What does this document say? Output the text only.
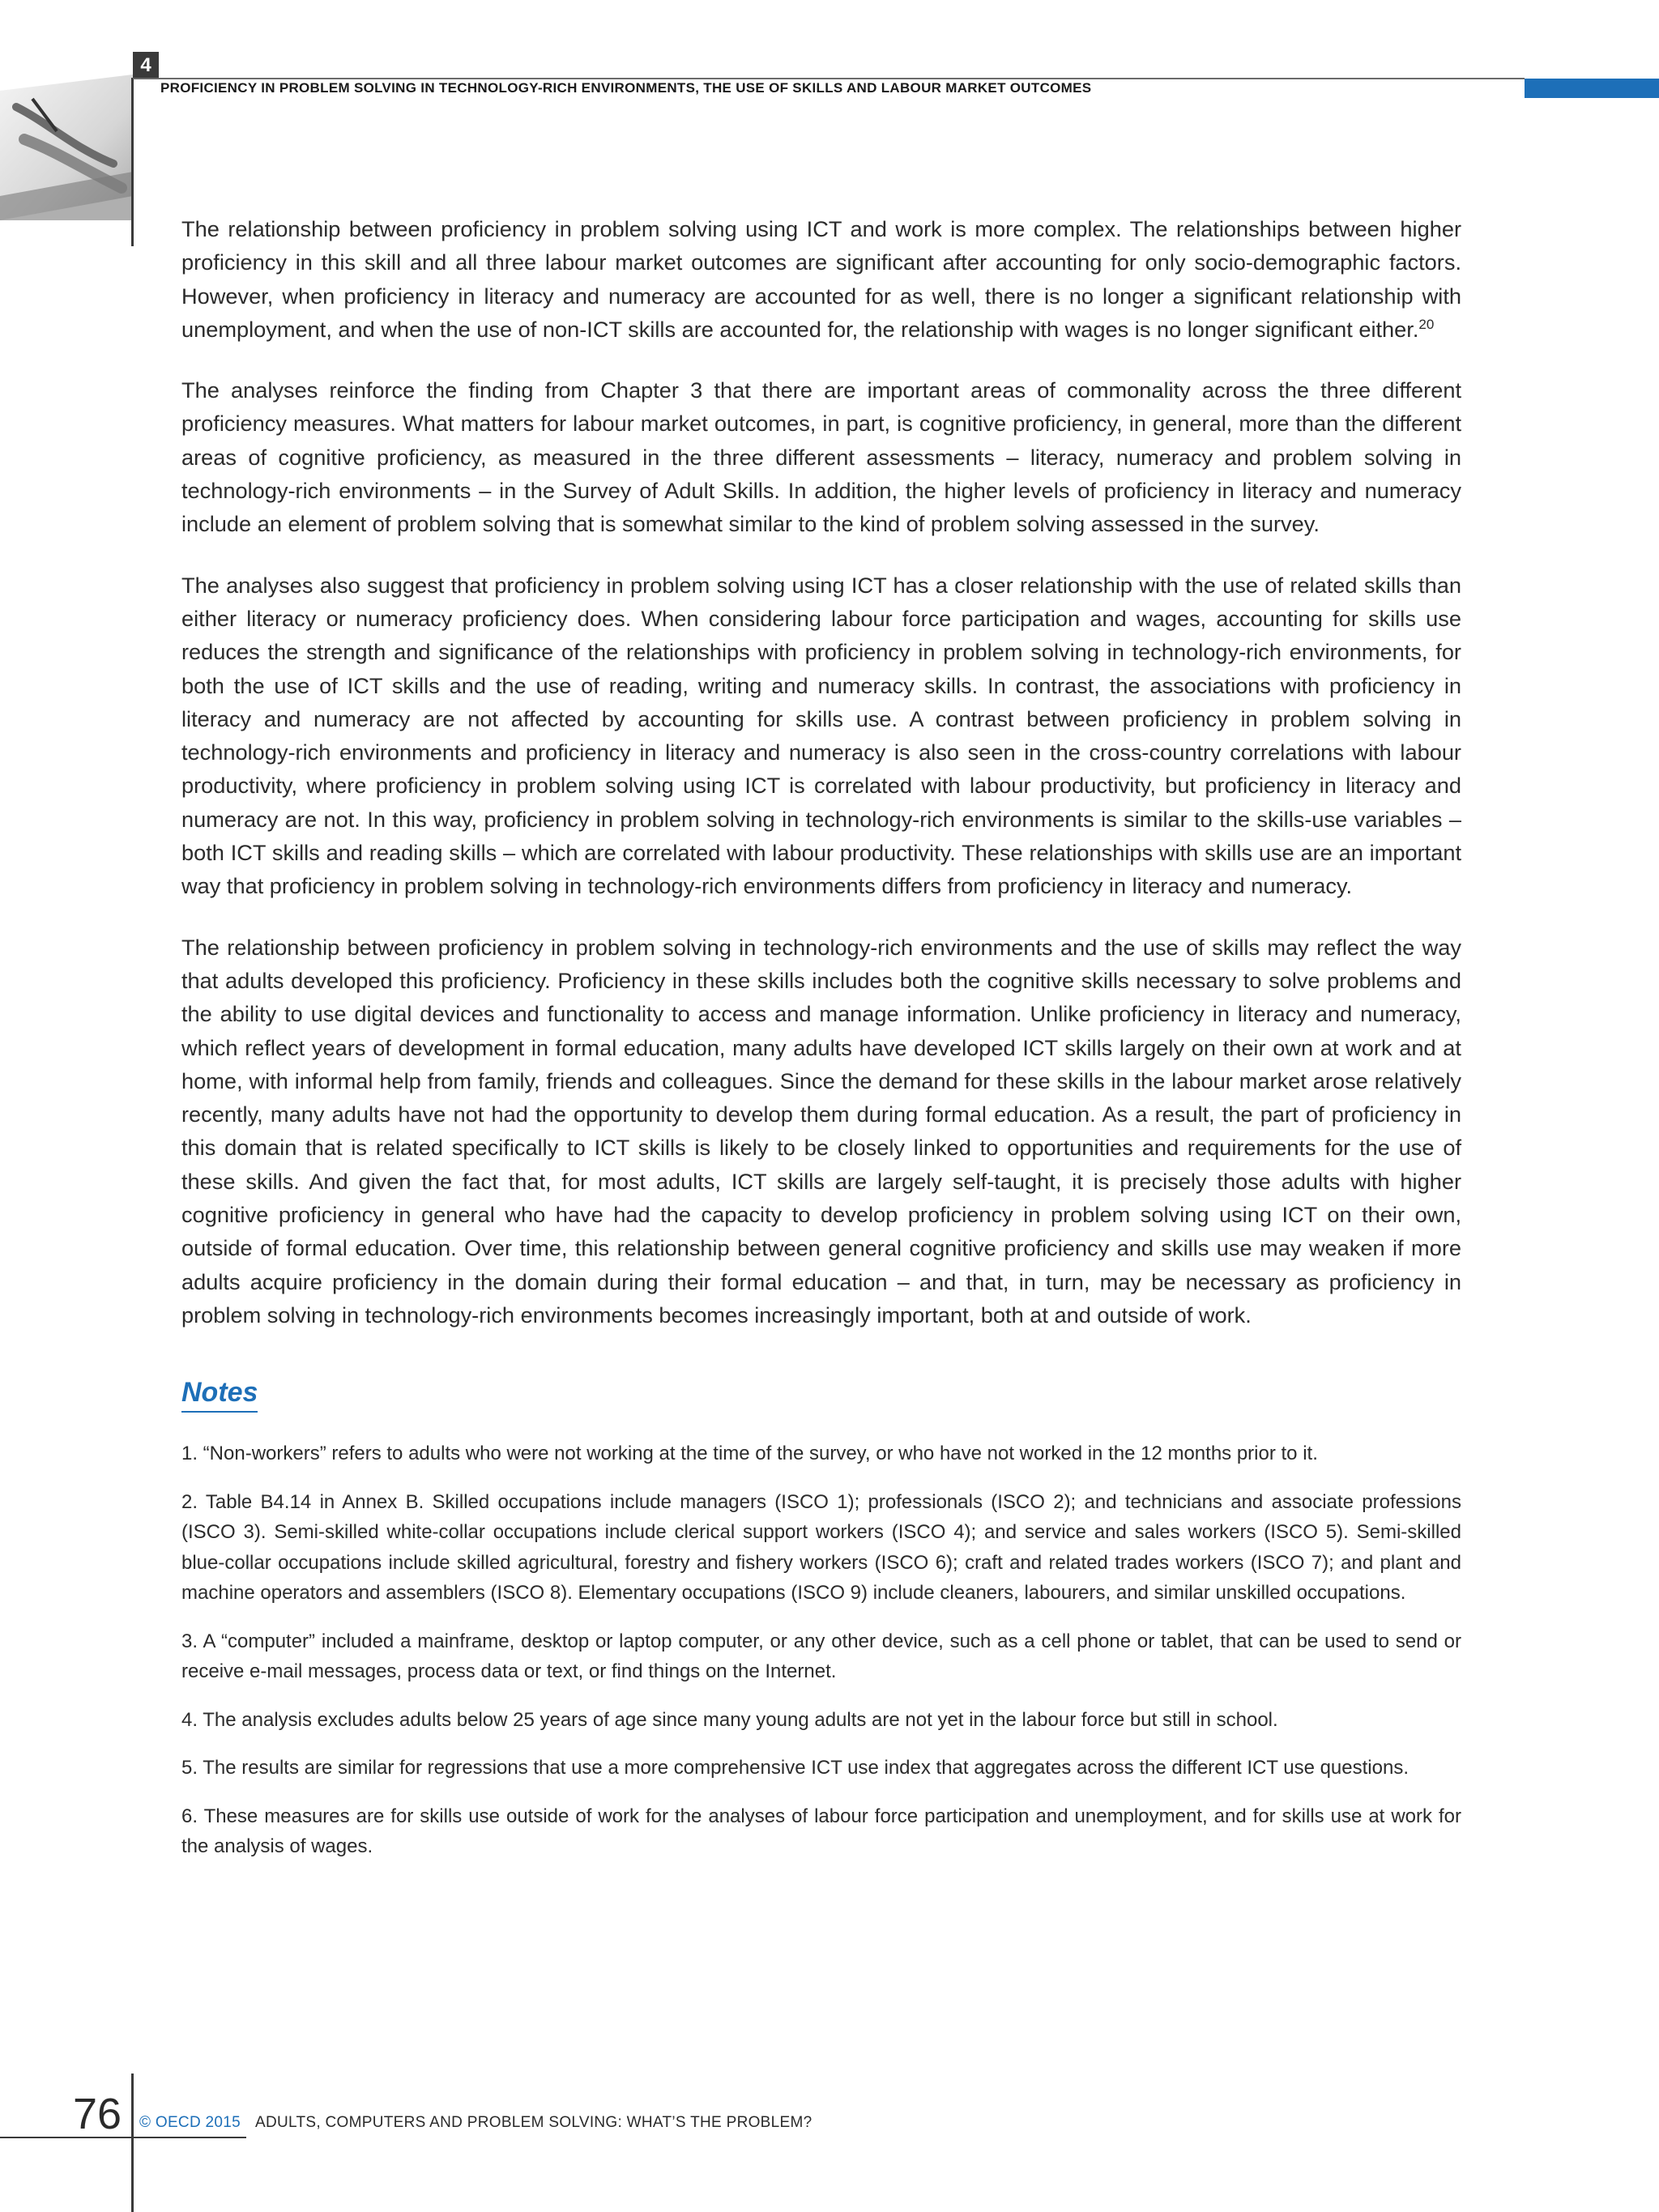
4
PROFICIENCY IN PROBLEM SOLVING IN TECHNOLOGY-RICH ENVIRONMENTS, THE USE OF SKILLS AND LABOUR MARKET OUTCOMES

The relationship between proficiency in problem solving using ICT and work is more complex. The relationships between higher proficiency in this skill and all three labour market outcomes are significant after accounting for only socio-demographic factors. However, when proficiency in literacy and numeracy are accounted for as well, there is no longer a significant relationship with unemployment, and when the use of non-ICT skills are accounted for, the relationship with wages is no longer significant either.$^{20}$

The analyses reinforce the finding from Chapter 3 that there are important areas of commonality across the three different proficiency measures. What matters for labour market outcomes, in part, is cognitive proficiency, in general, more than the different areas of cognitive proficiency, as measured in the three different assessments – literacy, numeracy and problem solving in technology-rich environments – in the Survey of Adult Skills. In addition, the higher levels of proficiency in literacy and numeracy include an element of problem solving that is somewhat similar to the kind of problem solving assessed in the survey.

The analyses also suggest that proficiency in problem solving using ICT has a closer relationship with the use of related skills than either literacy or numeracy proficiency does. When considering labour force participation and wages, accounting for skills use reduces the strength and significance of the relationships with proficiency in problem solving in technology-rich environments, for both the use of ICT skills and the use of reading, writing and numeracy skills. In contrast, the associations with proficiency in literacy and numeracy are not affected by accounting for skills use. A contrast between proficiency in problem solving in technology-rich environments and proficiency in literacy and numeracy is also seen in the cross-country correlations with labour productivity, where proficiency in problem solving using ICT is correlated with labour productivity, but proficiency in literacy and numeracy are not. In this way, proficiency in problem solving in technology-rich environments is similar to the skills-use variables – both ICT skills and reading skills – which are correlated with labour productivity. These relationships with skills use are an important way that proficiency in problem solving in technology-rich environments differs from proficiency in literacy and numeracy.

The relationship between proficiency in problem solving in technology-rich environments and the use of skills may reflect the way that adults developed this proficiency. Proficiency in these skills includes both the cognitive skills necessary to solve problems and the ability to use digital devices and functionality to access and manage information. Unlike proficiency in literacy and numeracy, which reflect years of development in formal education, many adults have developed ICT skills largely on their own at work and at home, with informal help from family, friends and colleagues. Since the demand for these skills in the labour market arose relatively recently, many adults have not had the opportunity to develop them during formal education. As a result, the part of proficiency in this domain that is related specifically to ICT skills is likely to be closely linked to opportunities and requirements for the use of these skills. And given the fact that, for most adults, ICT skills are largely self-taught, it is precisely those adults with higher cognitive proficiency in general who have had the capacity to develop proficiency in problem solving using ICT on their own, outside of formal education. Over time, this relationship between general cognitive proficiency and skills use may weaken if more adults acquire proficiency in the domain during their formal education – and that, in turn, may be necessary as proficiency in problem solving in technology-rich environments becomes increasingly important, both at and outside of work.

Notes

1. “Non-workers” refers to adults who were not working at the time of the survey, or who have not worked in the 12 months prior to it.

2. Table B4.14 in Annex B. Skilled occupations include managers (ISCO 1); professionals (ISCO 2); and technicians and associate professions (ISCO 3). Semi-skilled white-collar occupations include clerical support workers (ISCO 4); and service and sales workers (ISCO 5). Semi-skilled blue-collar occupations include skilled agricultural, forestry and fishery workers (ISCO 6); craft and related trades workers (ISCO 7); and plant and machine operators and assemblers (ISCO 8). Elementary occupations (ISCO 9) include cleaners, labourers, and similar unskilled occupations.

3. A “computer” included a mainframe, desktop or laptop computer, or any other device, such as a cell phone or tablet, that can be used to send or receive e-mail messages, process data or text, or find things on the Internet.

4. The analysis excludes adults below 25 years of age since many young adults are not yet in the labour force but still in school.

5. The results are similar for regressions that use a more comprehensive ICT use index that aggregates across the different ICT use questions.

6. These measures are for skills use outside of work for the analyses of labour force participation and unemployment, and for skills use at work for the analysis of wages.

76 © OECD 2015 ADULTS, COMPUTERS AND PROBLEM SOLVING: WHAT’S THE PROBLEM?
